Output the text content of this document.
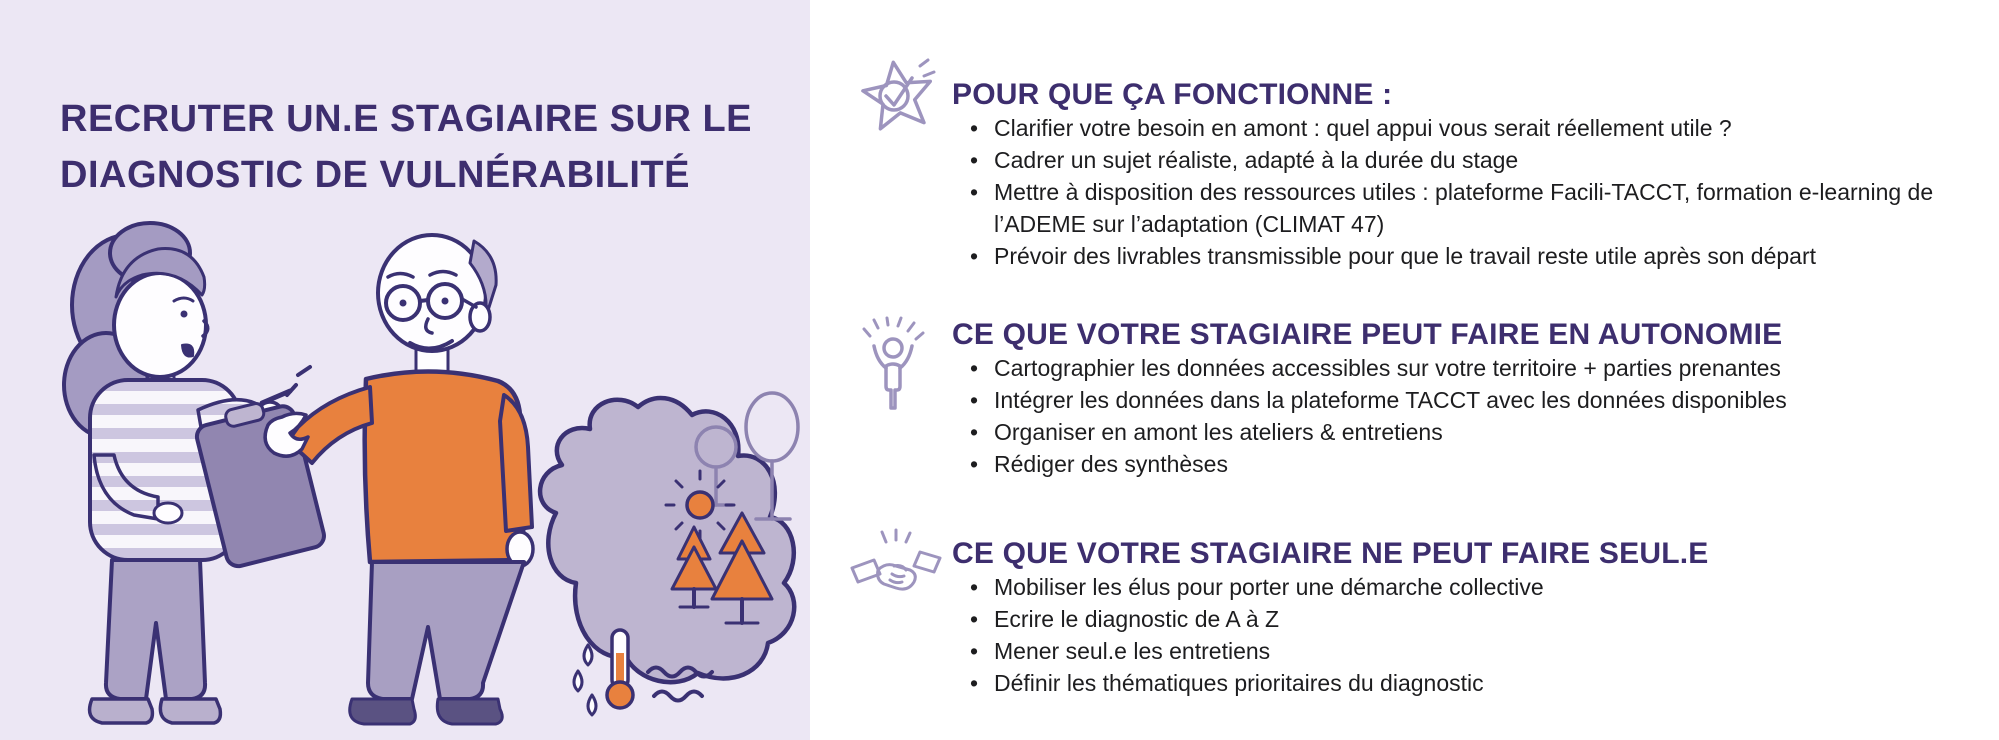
RECRUTER UN.E STAGIAIRE SUR LE
DIAGNOSTIC DE VULNÉRABILITÉ
POUR QUE ÇA FONCTIONNE :
• Clarifier votre besoin en amont : quel appui vous serait réellement utile ?
• Cadrer un sujet réaliste, adapté à la durée du stage
• Mettre à disposition des ressources utiles : plateforme Facili-TACCT, formation e-learning de l’ADEME sur l’adaptation (CLIMAT 47)
• Prévoir des livrables transmissible pour que le travail reste utile après son départ
CE QUE VOTRE STAGIAIRE PEUT FAIRE EN AUTONOMIE
• Cartographier les données accessibles sur votre territoire + parties prenantes
• Intégrer les données dans la plateforme TACCT avec les données disponibles
• Organiser en amont les ateliers & entretiens
• Rédiger des synthèses
CE QUE VOTRE STAGIAIRE NE PEUT FAIRE SEUL.E
• Mobiliser les élus pour porter une démarche collective
• Ecrire le diagnostic de A à Z
• Mener seul.e les entretiens
• Définir les thématiques prioritaires du diagnostic
